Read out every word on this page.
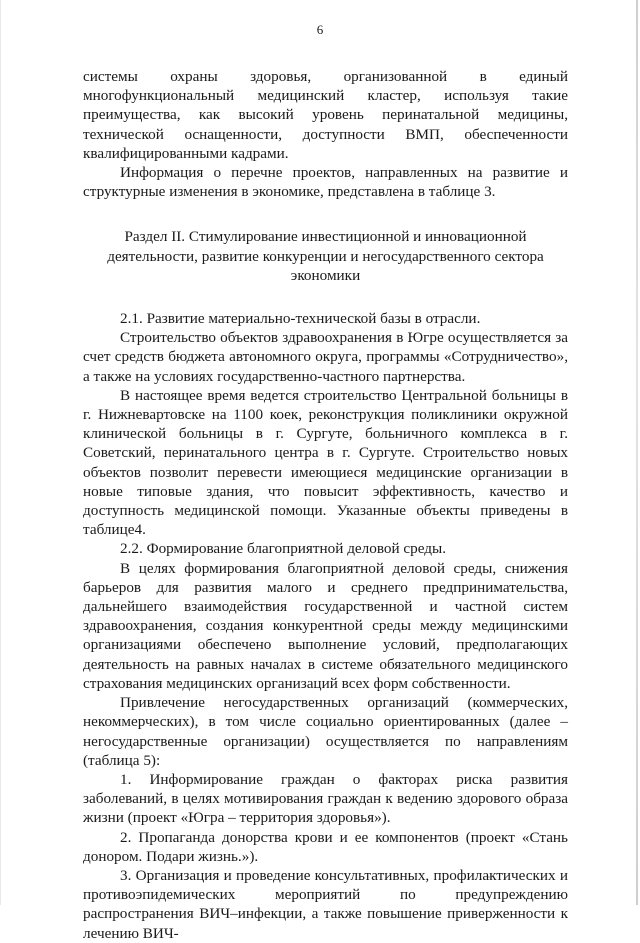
6

системы охраны здоровья, организованной в единый многофункциональный медицинский кластер, используя такие преимущества, как высокий уровень перинатальной медицины, технической оснащенности, доступности ВМП, обеспеченности квалифицированными кадрами.

Информация о перечне проектов, направленных на развитие и структурные изменения в экономике, представлена в таблице 3.

Раздел II. Стимулирование инвестиционной и инновационной
деятельности, развитие конкуренции и негосударственного сектора
экономики

2.1. Развитие материально-технической базы в отрасли.

Строительство объектов здравоохранения в Югре осуществляется за счет средств бюджета автономного округа, программы «Сотрудничество», а также на условиях государственно-частного партнерства.

В настоящее время ведется строительство Центральной больницы в г. Нижневартовске на 1100 коек, реконструкция поликлиники окружной клинической больницы в г. Сургуте, больничного комплекса в г. Советский, перинатального центра в г. Сургуте. Строительство новых объектов позволит перевести имеющиеся медицинские организации в новые типовые здания, что повысит эффективность, качество и доступность медицинской помощи. Указанные объекты приведены в таблице4.

2.2. Формирование благоприятной деловой среды.

В целях формирования благоприятной деловой среды, снижения барьеров для развития малого и среднего предпринимательства, дальнейшего взаимодействия государственной и частной систем здравоохранения, создания конкурентной среды между медицинскими организациями обеспечено выполнение условий, предполагающих деятельность на равных началах в системе обязательного медицинского страхования медицинских организаций всех форм собственности.

Привлечение негосударственных организаций (коммерческих, некоммерческих), в том числе социально ориентированных (далее – негосударственные организации) осуществляется по направлениям (таблица 5):

1. Информирование граждан о факторах риска развития заболеваний, в целях мотивирования граждан к ведению здорового образа жизни (проект «Югра – территория здоровья»).

2. Пропаганда донорства крови и ее компонентов (проект «Стань донором. Подари жизнь.»).

3. Организация и проведение консультативных, профилактических и противоэпидемических мероприятий по предупреждению распространения ВИЧ–инфекции, а также повышение приверженности к лечению ВИЧ-
